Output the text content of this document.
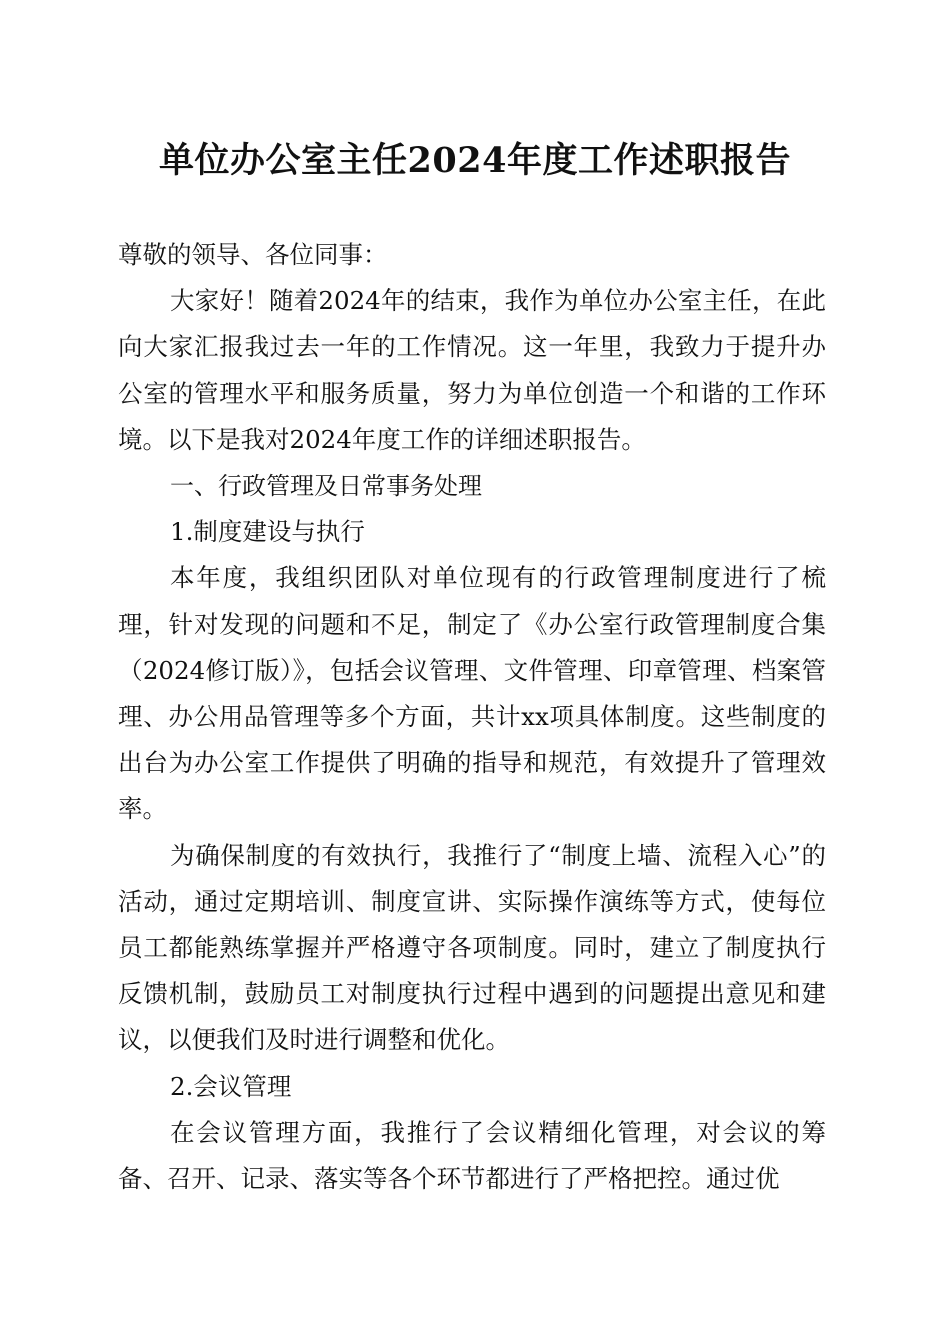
单位办公室主任2024年度工作述职报告

尊敬的领导、各位同事：

大家好！随着2024年的结束，我作为单位办公室主任，在此向大家汇报我过去一年的工作情况。这一年里，我致力于提升办公室的管理水平和服务质量，努力为单位创造一个和谐的工作环境。以下是我对2024年度工作的详细述职报告。

一、行政管理及日常事务处理

1.制度建设与执行

本年度，我组织团队对单位现有的行政管理制度进行了梳理，针对发现的问题和不足，制定了《办公室行政管理制度合集（2024修订版）》，包括会议管理、文件管理、印章管理、档案管理、办公用品管理等多个方面，共计xx项具体制度。这些制度的出台为办公室工作提供了明确的指导和规范，有效提升了管理效率。

为确保制度的有效执行，我推行了“制度上墙、流程入心”的活动，通过定期培训、制度宣讲、实际操作演练等方式，使每位员工都能熟练掌握并严格遵守各项制度。同时，建立了制度执行反馈机制，鼓励员工对制度执行过程中遇到的问题提出意见和建议，以便我们及时进行调整和优化。

2.会议管理

在会议管理方面，我推行了会议精细化管理，对会议的筹备、召开、记录、落实等各个环节都进行了严格把控。通过优
